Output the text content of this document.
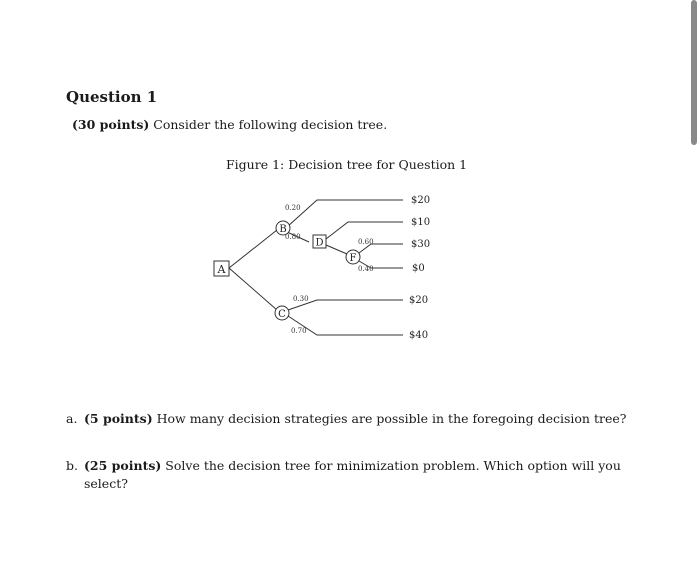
Question 1
(30 points) Consider the following decision tree.
Figure 1: Decision tree for Question 1
A
B
D
F
C
0.20
0.80
0.60
0.40
0.30
0.70
$20
$10
$30
$0
$20
$40
a. (5 points) How many decision strategies are possible in the foregoing decision tree?
b. (25 points) Solve the decision tree for minimization problem. Which option will you select?
